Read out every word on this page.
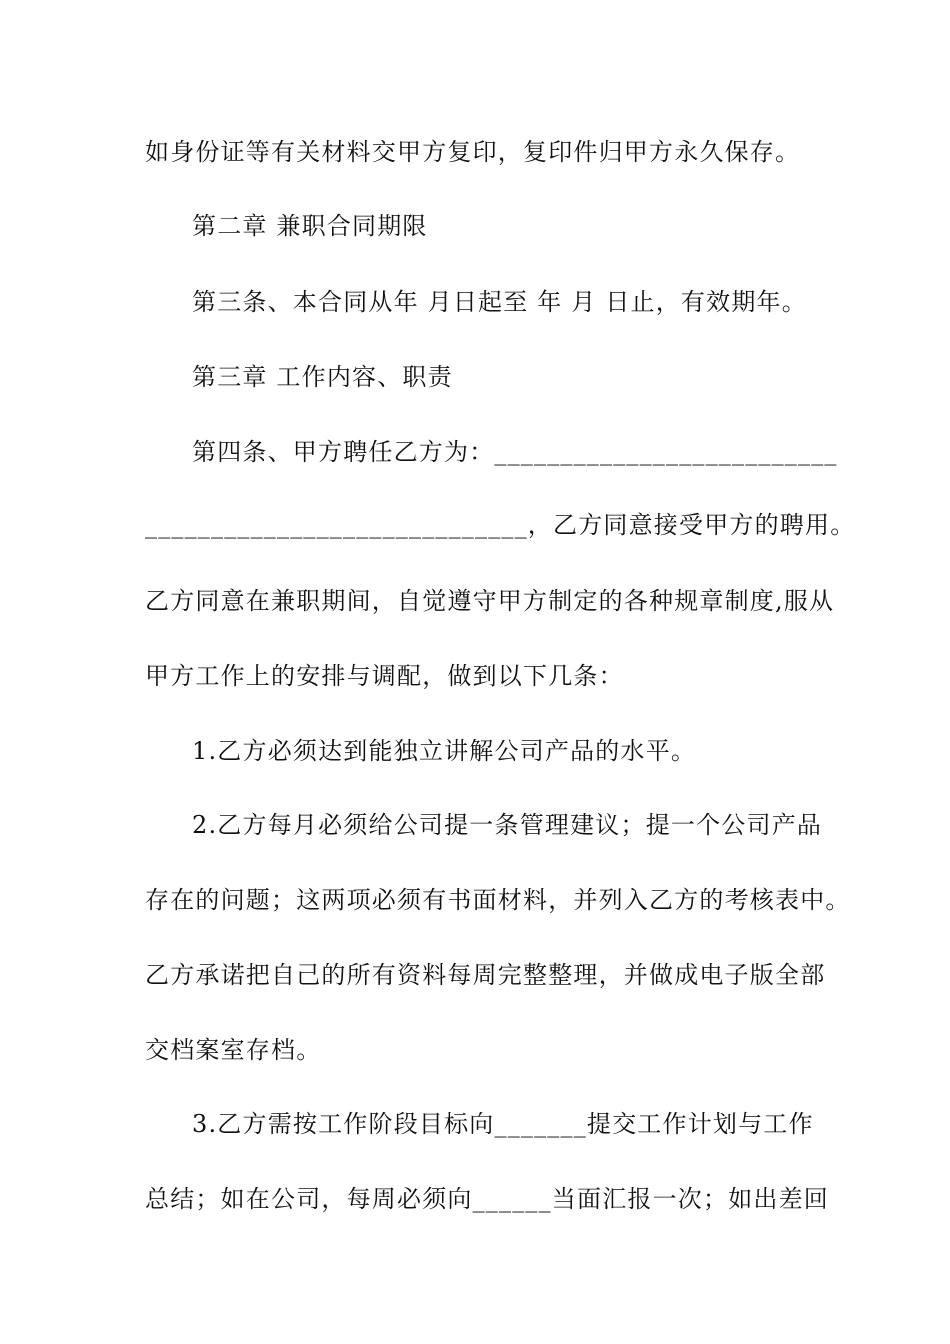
如身份证等有关材料交甲方复印，复印件归甲方永久保存。
第二章 兼职合同期限
第三条、本合同从年 月日起至 年 月 日止，有效期年。
第三章 工作内容、职责
第四条、甲方聘任乙方为：__________________________
_____________________________，乙方同意接受甲方的聘用。
乙方同意在兼职期间，自觉遵守甲方制定的各种规章制度,服从
甲方工作上的安排与调配，做到以下几条：
1.乙方必须达到能独立讲解公司产品的水平。
2.乙方每月必须给公司提一条管理建议；提一个公司产品
存在的问题；这两项必须有书面材料，并列入乙方的考核表中。
乙方承诺把自己的所有资料每周完整整理，并做成电子版全部
交档案室存档。
3.乙方需按工作阶段目标向_______提交工作计划与工作
总结；如在公司，每周必须向______当面汇报一次；如出差回
